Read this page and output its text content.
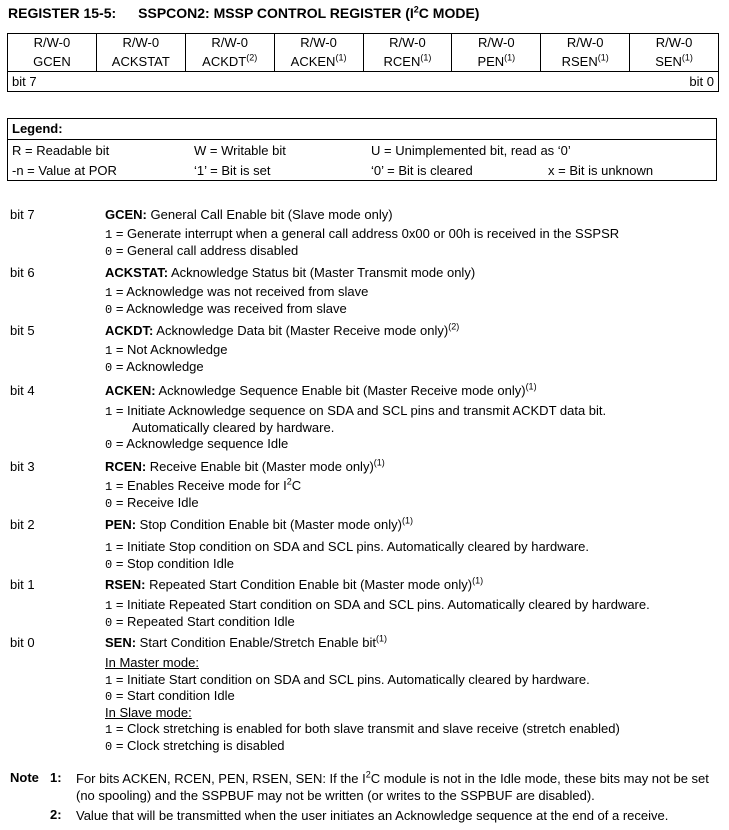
REGISTER 15-5: SSPCON2: MSSP CONTROL REGISTER ($I^2C$ MODE)
R/W-0	R/W-0	R/W-0	R/W-0	R/W-0	R/W-0	R/W-0	R/W-0
GCEN	ACKSTAT	ACKDT$^{(2)}$	ACKEN$^{(1)}$	RCEN$^{(1)}$	PEN$^{(1)}$	RSEN$^{(1)}$	SEN$^{(1)}$

bit 7 bit 0							
Legend:
R = Readable bit	W = Writable bit	U = Unimplemented bit, read as ‘0’
-n = Value at POR	‘1’ = Bit is set	‘0’ = Bit is cleared	x = Bit is unknown
bit 7	GCEN: General Call Enable bit (Slave mode only)
1 = Generate interrupt when a general call address 0x00 or 00h is received in the SSPSR
0 = General call address disabled
bit 6	ACKSTAT: Acknowledge Status bit (Master Transmit mode only)
1 = Acknowledge was not received from slave
0 = Acknowledge was received from slave
bit 5	ACKDT: Acknowledge Data bit (Master Receive mode only)$^{(2)}$
1 = Not Acknowledge
0 = Acknowledge
bit 4	ACKEN: Acknowledge Sequence Enable bit (Master Receive mode only)$^{(1)}$
1 = Initiate Acknowledge sequence on SDA and SCL pins and transmit ACKDT data bit.
Automatically cleared by hardware.
0 = Acknowledge sequence Idle
bit 3	RCEN: Receive Enable bit (Master mode only)$^{(1)}$
1 = Enables Receive mode for $I^2C$
0 = Receive Idle
bit 2	PEN: Stop Condition Enable bit (Master mode only)$^{(1)}$
1 = Initiate Stop condition on SDA and SCL pins. Automatically cleared by hardware.
0 = Stop condition Idle
bit 1	RSEN: Repeated Start Condition Enable bit (Master mode only)$^{(1)}$
1 = Initiate Repeated Start condition on SDA and SCL pins. Automatically cleared by hardware.
0 = Repeated Start condition Idle
bit 0	SEN: Start Condition Enable/Stretch Enable bit$^{(1)}$
In Master mode:
1 = Initiate Start condition on SDA and SCL pins. Automatically cleared by hardware.
0 = Start condition Idle
In Slave mode:
1 = Clock stretching is enabled for both slave transmit and slave receive (stretch enabled)
0 = Clock stretching is disabled
Note 1: For bits ACKEN, RCEN, PEN, RSEN, SEN: If the $I^2C$ module is not in the Idle mode, these bits may not be set (no spooling) and the SSPBUF may not be written (or writes to the SSPBUF are disabled).
2: Value that will be transmitted when the user initiates an Acknowledge sequence at the end of a receive.
